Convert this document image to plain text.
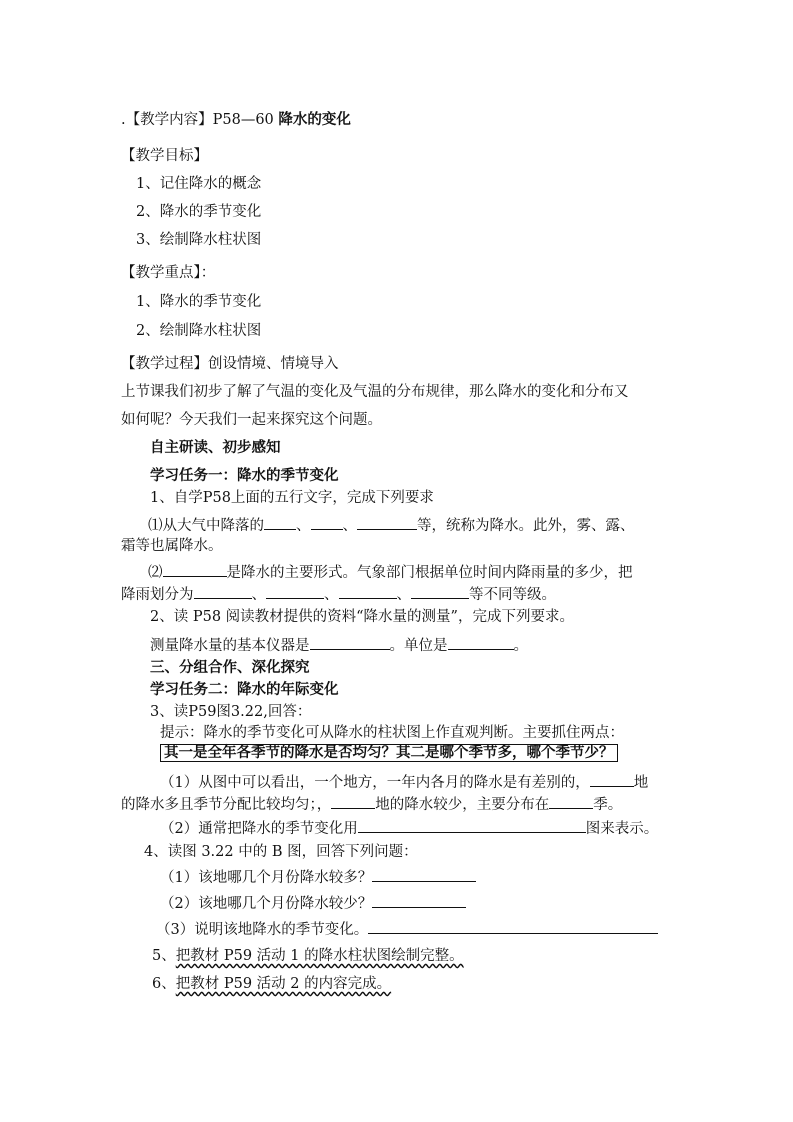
.【教学内容】P58—60 降水的变化
【教学目标】
1、记住降水的概念
2、降水的季节变化
3、绘制降水柱状图
【教学重点】：
1、降水的季节变化
2、绘制降水柱状图
【教学过程】创设情境、情境导入
上节课我们初步了解了气温的变化及气温的分布规律，那么降水的变化和分布又
如何呢？今天我们一起来探究这个问题。
自主研读、初步感知
学习任务一：降水的季节变化
1、自学P58上面的五行文字，完成下列要求
⑴从大气中降落的 、 、	等，统称为降水。此外，雾、露、
霜等也属降水。
⑵	是降水的主要形式。气象部门根据单位时间内降雨量的多少，把
降雨划分为	、	、	、	等不同等级。
2、读 P58 阅读教材提供的资料“降水量的测量”，完成下列要求。
测量降水量的基本仪器是	。单位是	。
三、分组合作、深化探究
学习任务二：降水的年际变化
3、读P59图3.22,回答：
提示：降水的季节变化可从降水的柱状图上作直观判断。主要抓住两点：
其一是全年各季节的降水是否均匀？其二是哪个季节多，哪个季节少？
（1）从图中可以看出，一个地方，一年内各月的降水是有差别的，	地
的降水多且季节分配比较均匀；，	地的降水较少，主要分布在	季。
（2）通常把降水的季节变化用	图来表示。
4、读图 3.22 中的 B 图，回答下列问题：
（1）该地哪几个月份降水较多？
（2）该地哪几个月份降水较少？
（3）说明该地降水的季节变化。
5、把教材 P59 活动 1 的降水柱状图绘制完整。
6、把教材 P59 活动 2 的内容完成。
